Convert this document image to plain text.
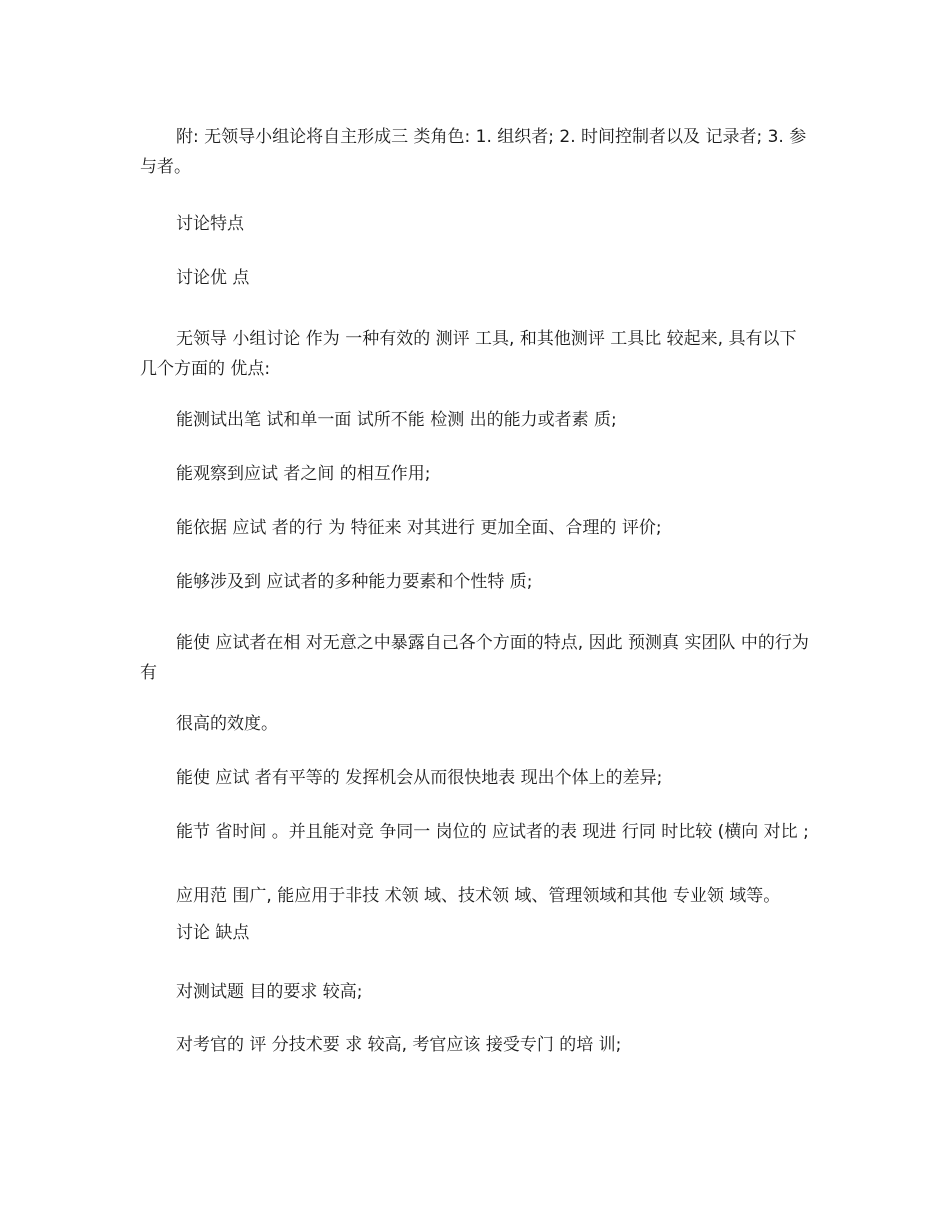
附: 无领导小组论将自主形成三 类角色: 1. 组织者; 2. 时间控制者以及 记录者; 3. 参与者。

讨论特点

讨论优 点

无领导 小组讨论 作为 一种有效的 测评 工具, 和其他测评 工具比 较起来, 具有以下几个方面的 优点:

能测试出笔 试和单一面 试所不能 检测 出的能力或者素 质;

能观察到应试 者之间 的相互作用;

能依据 应试 者的行 为 特征来 对其进行 更加全面、合理的 评价;

能够涉及到 应试者的多种能力要素和个性特 质;

能使 应试者在相 对无意之中暴露自己各个方面的特点, 因此 预测真 实团队 中的行为有

很高的效度。

能使 应试 者有平等的 发挥机会从而很快地表 现出个体上的差异;

能节 省时间 。并且能对竞 争同一 岗位的 应试者的表 现进 行同 时比较 (横向 对比 ;

应用范 围广, 能应用于非技 术领 域、技术领 域、管理领域和其他 专业领 域等。

讨论 缺点

对测试题 目的要求 较高;

对考官的 评 分技术要 求 较高, 考官应该 接受专门 的培 训;
